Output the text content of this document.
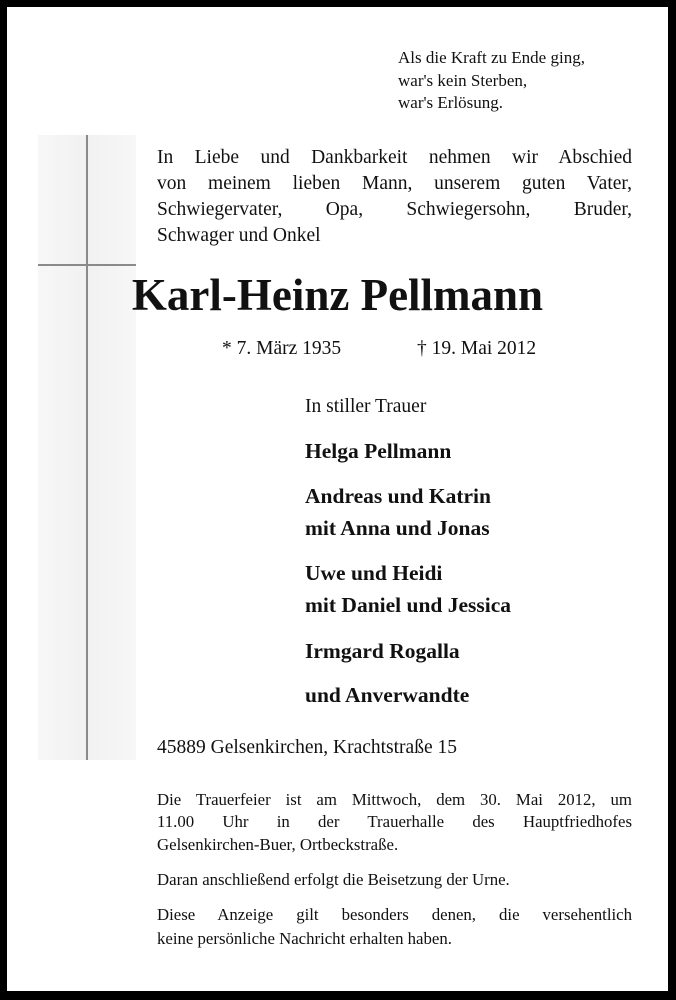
Als die Kraft zu Ende ging,
war's kein Sterben,
war's Erlösung.
In Liebe und Dankbarkeit nehmen wir Abschied
von meinem lieben Mann, unserem guten Vater,
Schwiegervater, Opa, Schwiegersohn, Bruder,
Schwager und Onkel
Karl-Heinz Pellmann
* 7. März 1935	† 19. Mai 2012
In stiller Trauer
Helga Pellmann
Andreas und Katrin
mit Anna und Jonas
Uwe und Heidi
mit Daniel und Jessica
Irmgard Rogalla
und Anverwandte
45889 Gelsenkirchen, Krachtstraße 15
Die Trauerfeier ist am Mittwoch, dem 30. Mai 2012, um
11.00 Uhr in der Trauerhalle des Hauptfriedhofes
Gelsenkirchen-Buer, Ortbeckstraße.
Daran anschließend erfolgt die Beisetzung der Urne.
Diese Anzeige gilt besonders denen, die versehentlich
keine persönliche Nachricht erhalten haben.
